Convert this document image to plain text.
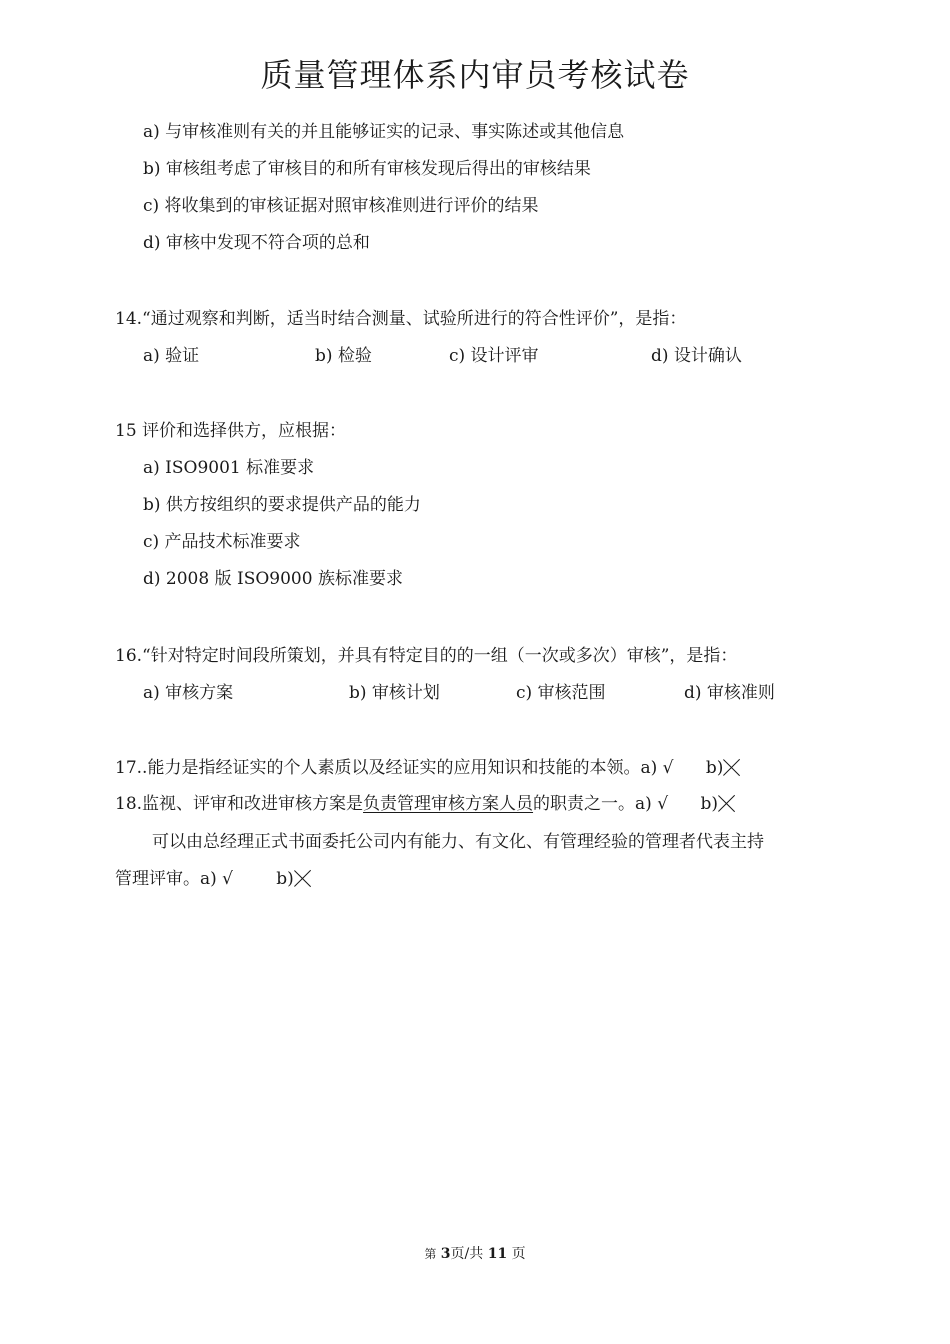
质量管理体系内审员考核试卷
a) 与审核准则有关的并且能够证实的记录、事实陈述或其他信息
b) 审核组考虑了审核目的和所有审核发现后得出的审核结果
c) 将收集到的审核证据对照审核准则进行评价的结果
d) 审核中发现不符合项的总和
14.“通过观察和判断，适当时结合测量、试验所进行的符合性评价”，是指：
a) 验证	b) 检验	c) 设计评审	d) 设计确认
15 评价和选择供方，应根据：
a) ISO9001 标准要求
b) 供方按组织的要求提供产品的能力
c) 产品技术标准要求
d) 2008 版 ISO9000 族标准要求
16.“针对特定时间段所策划，并具有特定目的的一组（一次或多次）审核”，是指：
a) 审核方案	b) 审核计划	c) 审核范围	d) 审核准则
17..能力是指经证实的个人素质以及经证实的应用知识和技能的本领。a) √ b)
18.监视、评审和改进审核方案是负责管理审核方案人员的职责之一。a) √ b)
可以由总经理正式书面委托公司内有能力、有文化、有管理经验的管理者代表主持
管理评审。a) √	b)
第 3页/共 11 页
